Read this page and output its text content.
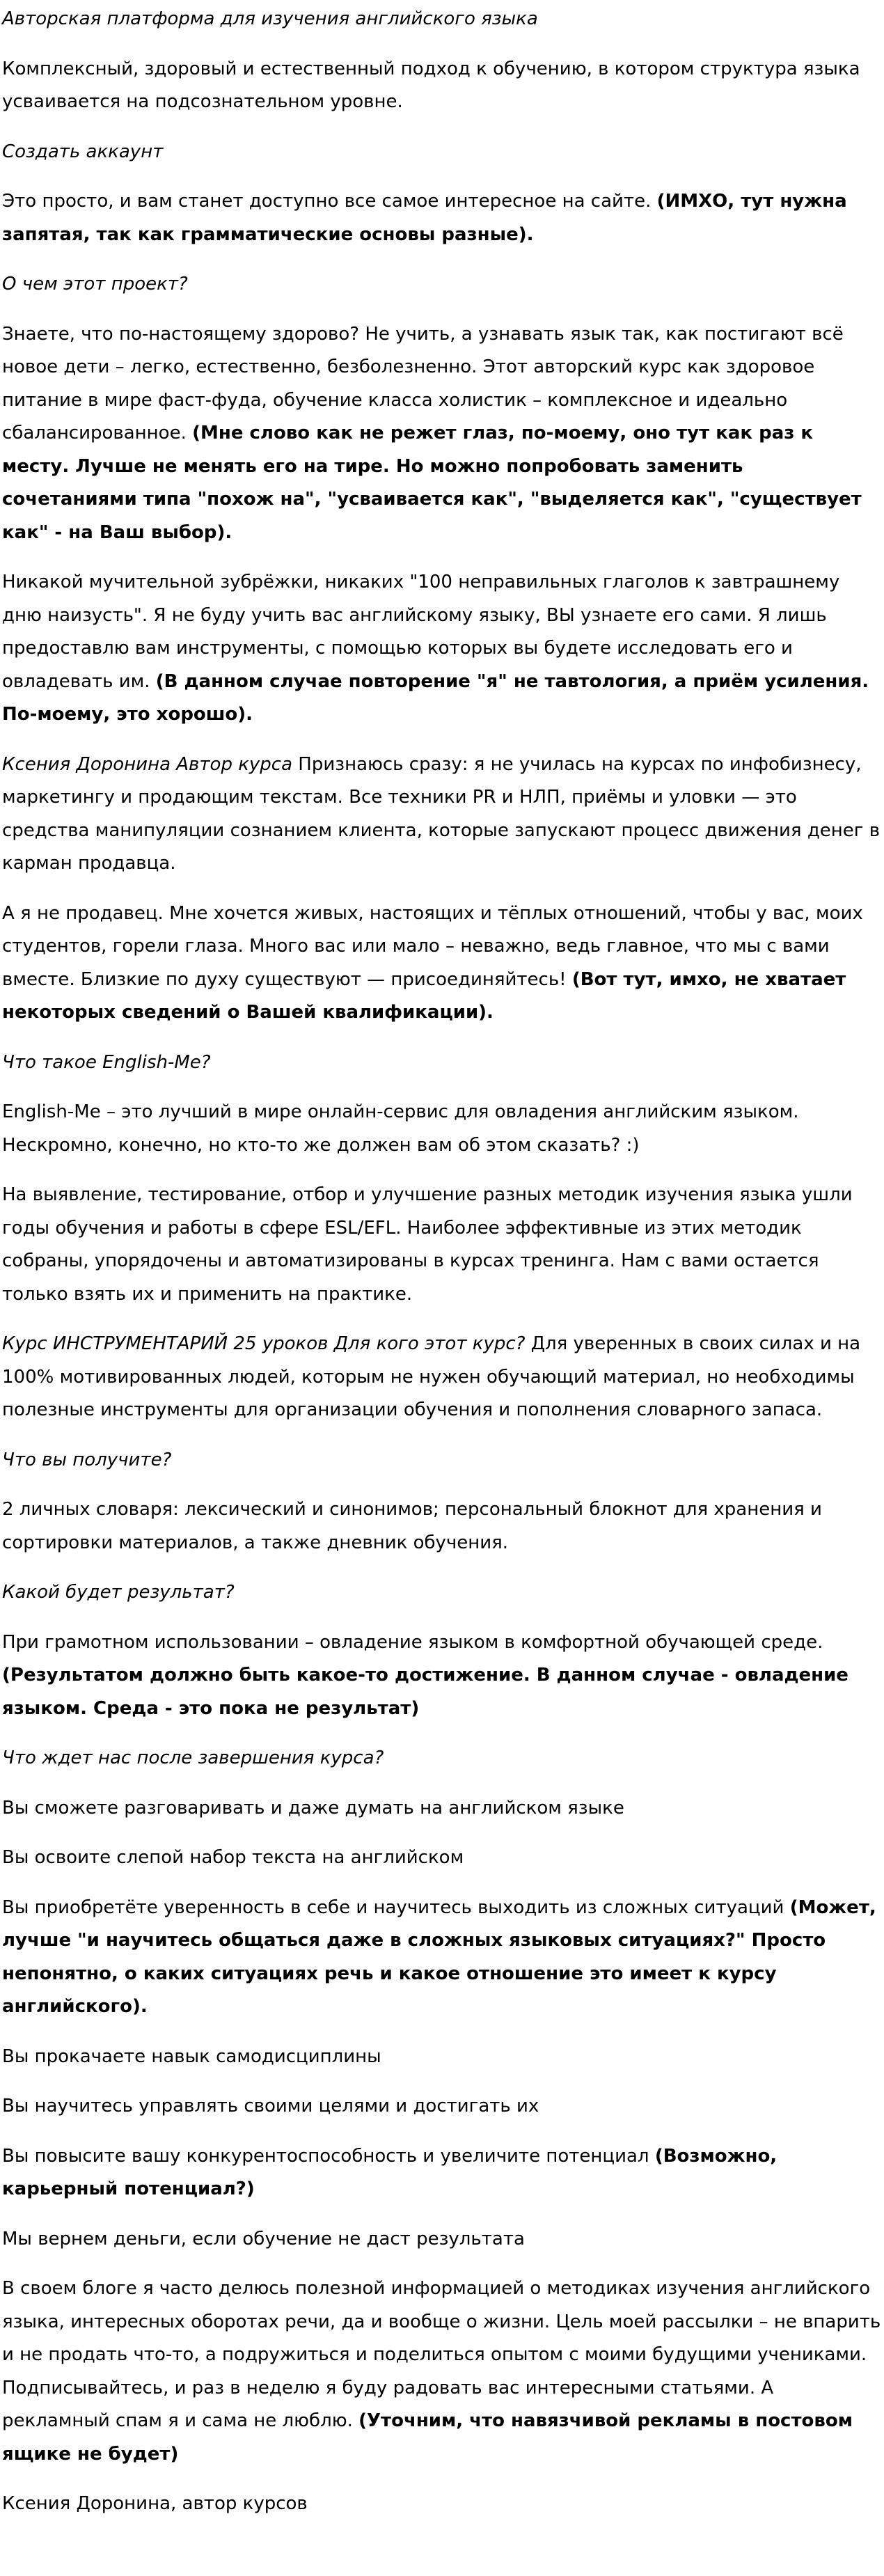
Авторская платформа для изучения английского языка

Комплексный, здоровый и естественный подход к обучению, в котором структура языка усваивается на подсознательном уровне.

Создать аккаунт

Это просто, и вам станет доступно все самое интересное на сайте. (ИМХО, тут нужна запятая, так как грамматические основы разные).

О чем этот проект?

Знаете, что по-настоящему здорово? Не учить, а узнавать язык так, как постигают всё новое дети – легко, естественно, безболезненно. Этот авторский курс как здоровое питание в мире фаст-фуда, обучение класса холистик – комплексное и идеально сбалансированное. (Мне слово как не режет глаз, по-моему, оно тут как раз к месту. Лучше не менять его на тире. Но можно попробовать заменить сочетаниями типа "похож на", "усваивается как", "выделяется как", "существует как" - на Ваш выбор).

Никакой мучительной зубрёжки, никаких "100 неправильных глаголов к завтрашнему дню наизусть". Я не буду учить вас английскому языку, ВЫ узнаете его сами. Я лишь предоставлю вам инструменты, с помощью которых вы будете исследовать его и овладевать им. (В данном случае повторение "я" не тавтология, а приём усиления. По-моему, это хорошо).

Ксения Доронина Автор курса Признаюсь сразу: я не училась на курсах по инфобизнесу, маркетингу и продающим текстам. Все техники PR и НЛП, приёмы и уловки — это средства манипуляции сознанием клиента, которые запускают процесс движения денег в карман продавца.

А я не продавец. Мне хочется живых, настоящих и тёплых отношений, чтобы у вас, моих студентов, горели глаза. Много вас или мало – неважно, ведь главное, что мы с вами вместе. Близкие по духу существуют — присоединяйтесь! (Вот тут, имхо, не хватает некоторых сведений о Вашей квалификации).

Что такое English-Me?

English-Me – это лучший в мире онлайн-сервис для овладения английским языком. Нескромно, конечно, но кто-то же должен вам об этом сказать? :)

На выявление, тестирование, отбор и улучшение разных методик изучения языка ушли годы обучения и работы в сфере ESL/EFL. Наиболее эффективные из этих методик собраны, упорядочены и автоматизированы в курсах тренинга. Нам с вами остается только взять их и применить на практике.

Курс ИНСТРУМЕНТАРИЙ 25 уроков Для кого этот курс? Для уверенных в своих силах и на 100% мотивированных людей, которым не нужен обучающий материал, но необходимы полезные инструменты для организации обучения и пополнения словарного запаса.

Что вы получите?

2 личных словаря: лексический и синонимов; персональный блокнот для хранения и сортировки материалов, а также дневник обучения.

Какой будет результат?

При грамотном использовании – овладение языком в комфортной обучающей среде. (Результатом должно быть какое-то достижение. В данном случае - овладение языком. Среда - это пока не результат)

Что ждет нас после завершения курса?

Вы сможете разговаривать и даже думать на английском языке

Вы освоите слепой набор текста на английском

Вы приобретёте уверенность в себе и научитесь выходить из сложных ситуаций (Может, лучше "и научитесь общаться даже в сложных языковых ситуациях?" Просто непонятно, о каких ситуациях речь и какое отношение это имеет к курсу английского).

Вы прокачаете навык самодисциплины

Вы научитесь управлять своими целями и достигать их

Вы повысите вашу конкурентоспособность и увеличите потенциал (Возможно, карьерный потенциал?)

Мы вернем деньги, если обучение не даст результата

В своем блоге я часто делюсь полезной информацией о методиках изучения английского языка, интересных оборотах речи, да и вообще о жизни. Цель моей рассылки – не впарить и не продать что-то, а подружиться и поделиться опытом с моими будущими учениками. Подписывайтесь, и раз в неделю я буду радовать вас интересными статьями. А рекламный спам я и сама не люблю. (Уточним, что навязчивой рекламы в постовом ящике не будет)

Ксения Доронина, автор курсов
